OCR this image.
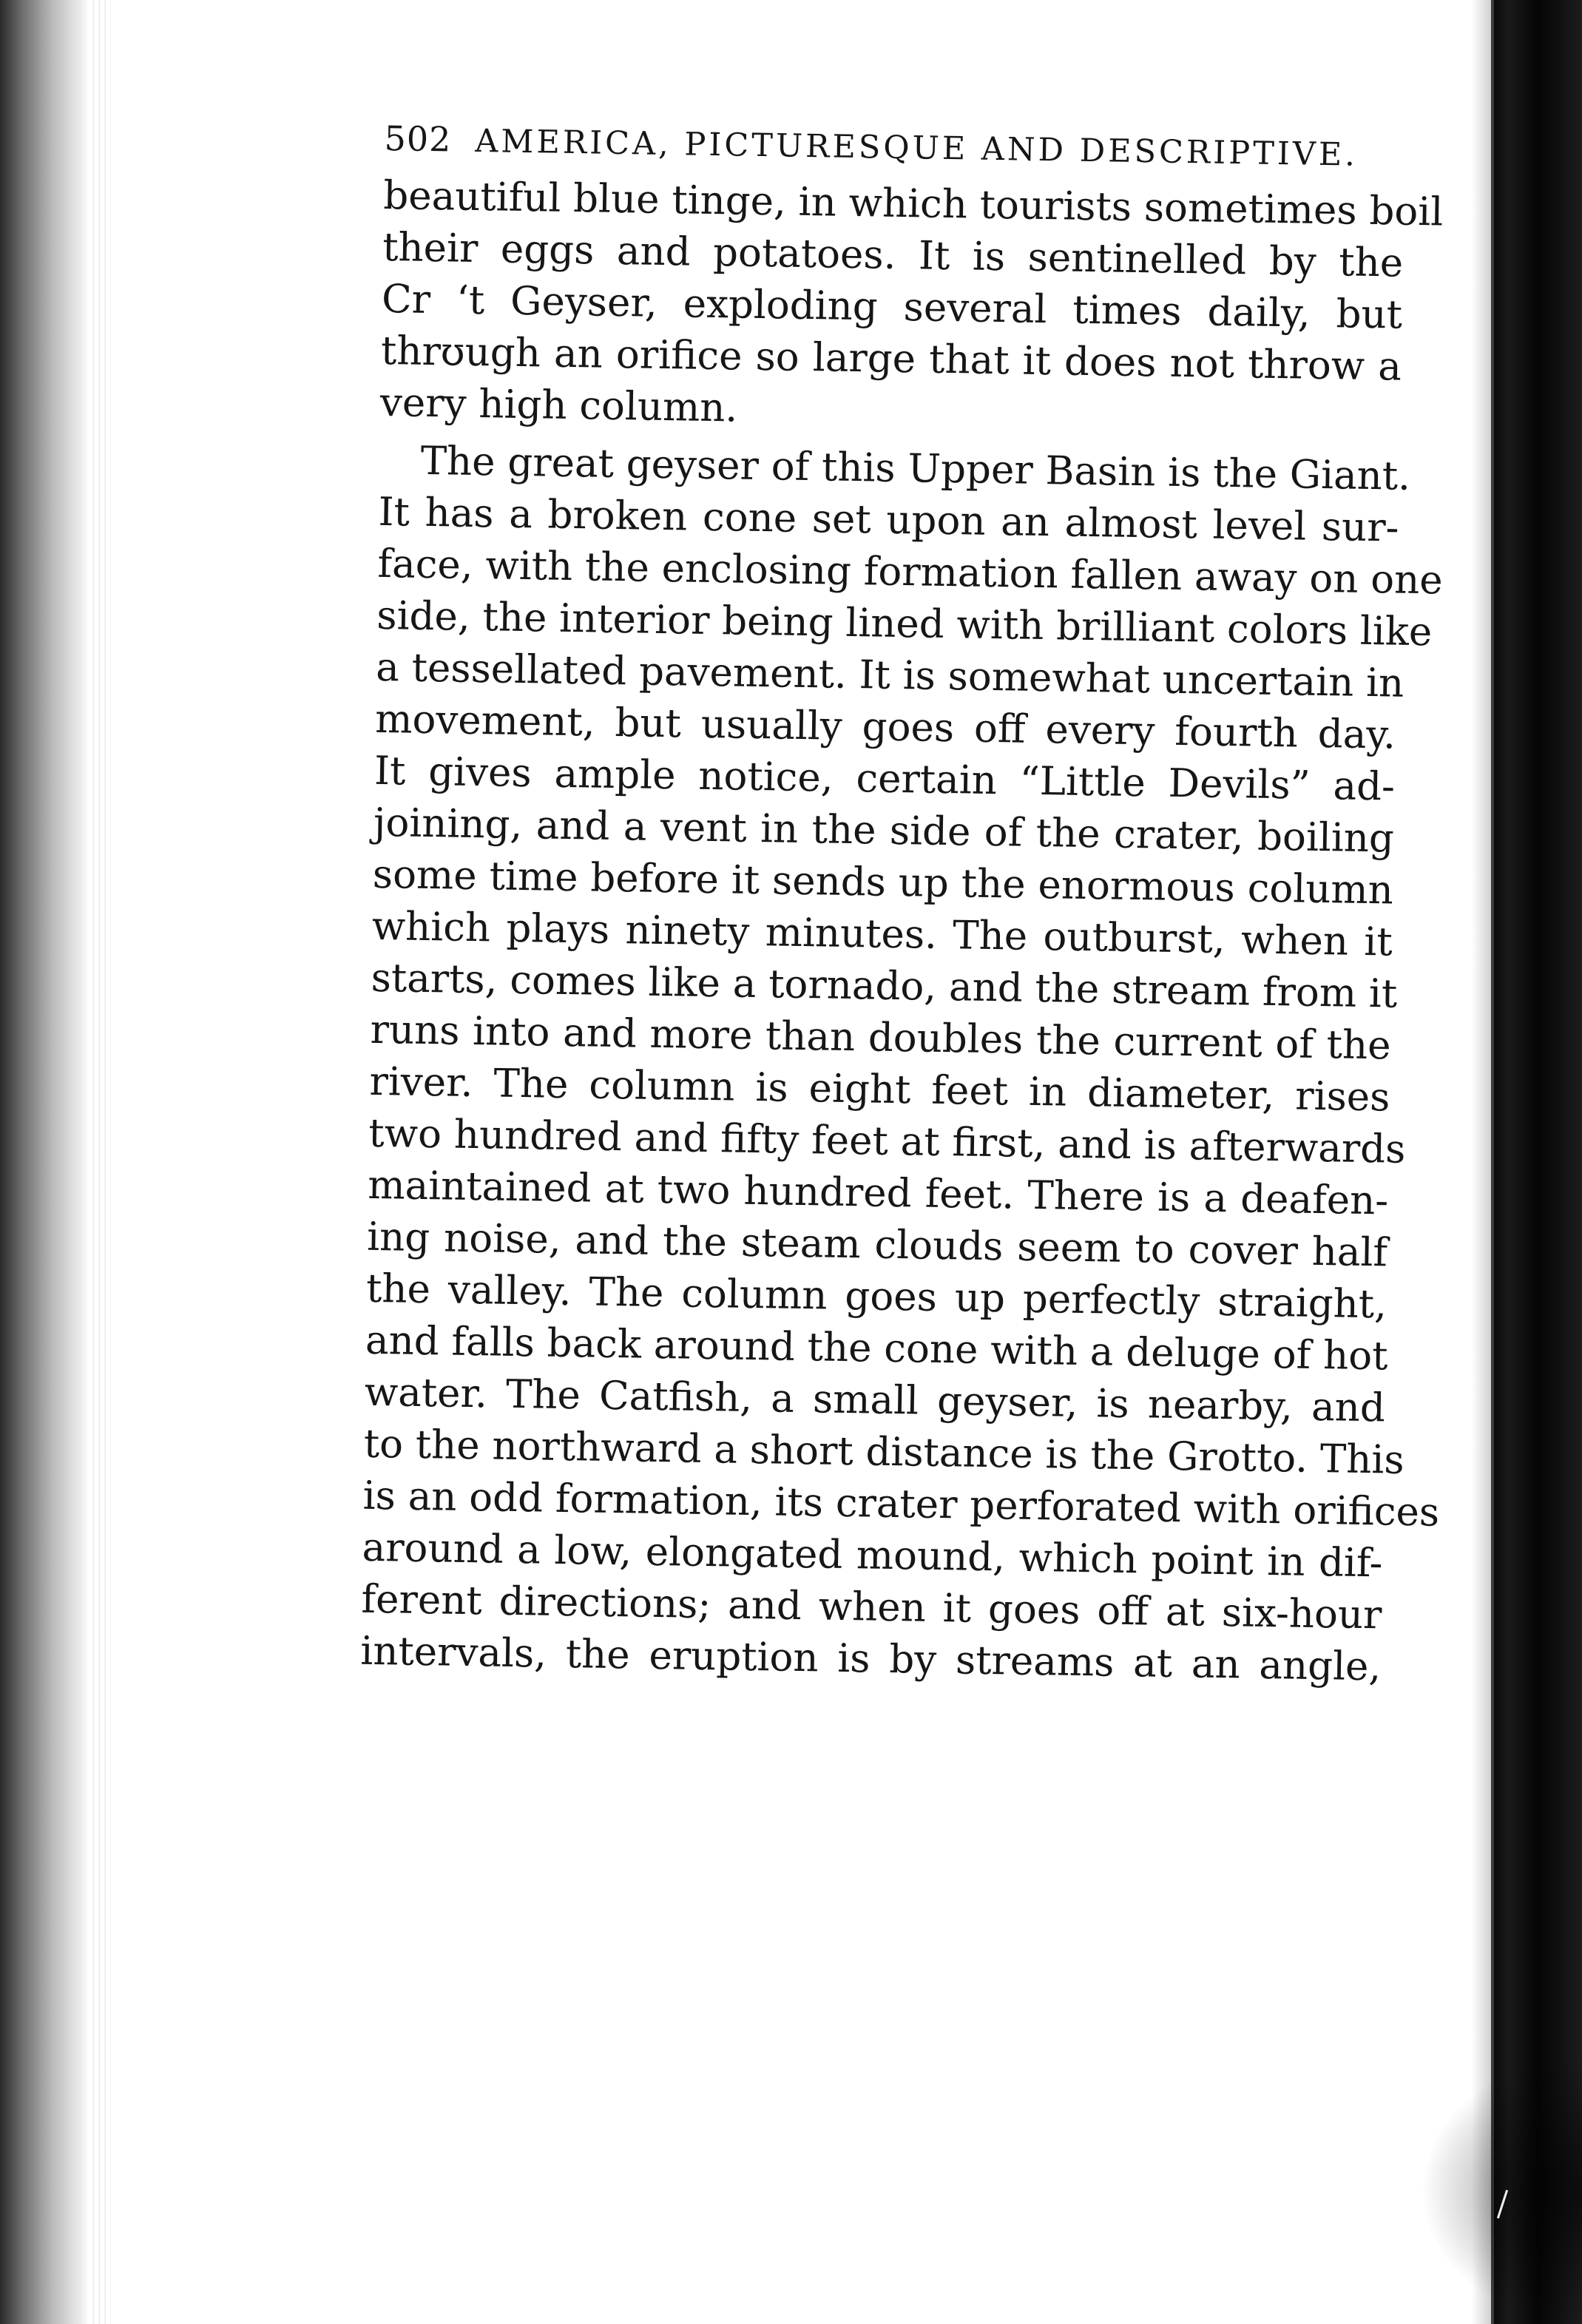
502 AMERICA, PICTURESQUE AND DESCRIPTIVE.
beautiful blue tinge, in which tourists sometimes boil
their eggs and potatoes. It is sentinelled by the
Cr ʻt Geyser, exploding several times daily, but
thrʊugh an orifice so large that it does not throw a
very high column.
The great geyser of this Upper Basin is the Giant.
It has a broken cone set upon an almost level sur-
face, with the enclosing formation fallen away on one
side, the interior being lined with brilliant colors like
a tessellated pavement. It is somewhat uncertain in
movement, but usually goes off every fourth day.
It gives ample notice, certain “Little Devils” ad-
joining, and a vent in the side of the crater, boiling
some time before it sends up the enormous column
which plays ninety minutes. The outburst, when it
starts, comes like a tornado, and the stream from it
runs into and more than doubles the current of the
river. The column is eight feet in diameter, rises
two hundred and fifty feet at first, and is afterwards
maintained at two hundred feet. There is a deafen-
ing noise, and the steam clouds seem to cover half
the valley. The column goes up perfectly straight,
and falls back around the cone with a deluge of hot
water. The Catfish, a small geyser, is nearby, and
to the northward a short distance is the Grotto. This
is an odd formation, its crater perforated with orifices
around a low, elongated mound, which point in dif-
ferent directions; and when it goes off at six-hour
intervals, the eruption is by streams at an angle,
